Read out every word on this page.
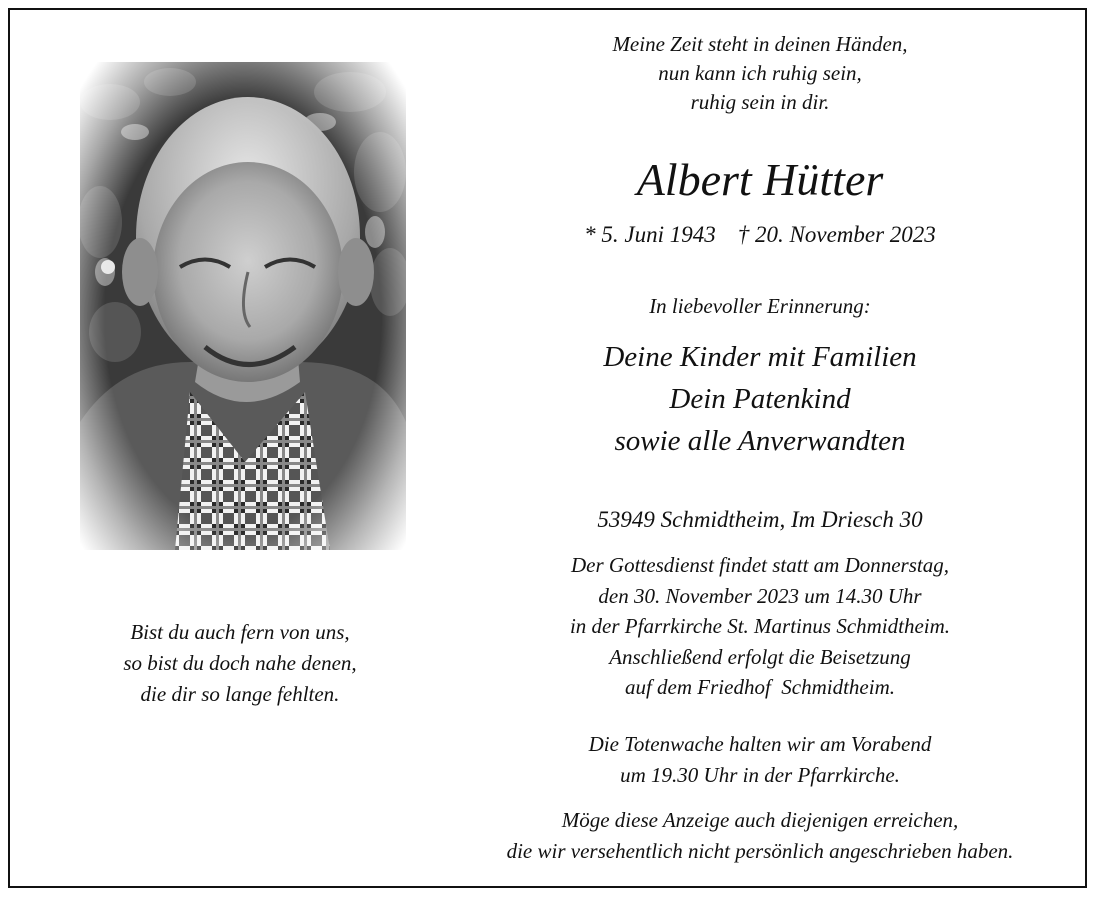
Bist du auch fern von uns,
so bist du doch nahe denen,
die dir so lange fehlten.
Meine Zeit steht in deinen Händen,
nun kann ich ruhig sein,
ruhig sein in dir.
Albert Hütter
* 5. Juni 1943 † 20. November 2023
In liebevoller Erinnerung:
Deine Kinder mit Familien
Dein Patenkind
sowie alle Anverwandten
53949 Schmidtheim, Im Driesch 30
Der Gottesdienst findet statt am Donnerstag,
den 30. November 2023 um 14.30 Uhr
in der Pfarrkirche St. Martinus Schmidtheim.
Anschließend erfolgt die Beisetzung
auf dem Friedhof  Schmidtheim.
Die Totenwache halten wir am Vorabend
um 19.30 Uhr in der Pfarrkirche.
Möge diese Anzeige auch diejenigen erreichen,
die wir versehentlich nicht persönlich angeschrieben haben.
